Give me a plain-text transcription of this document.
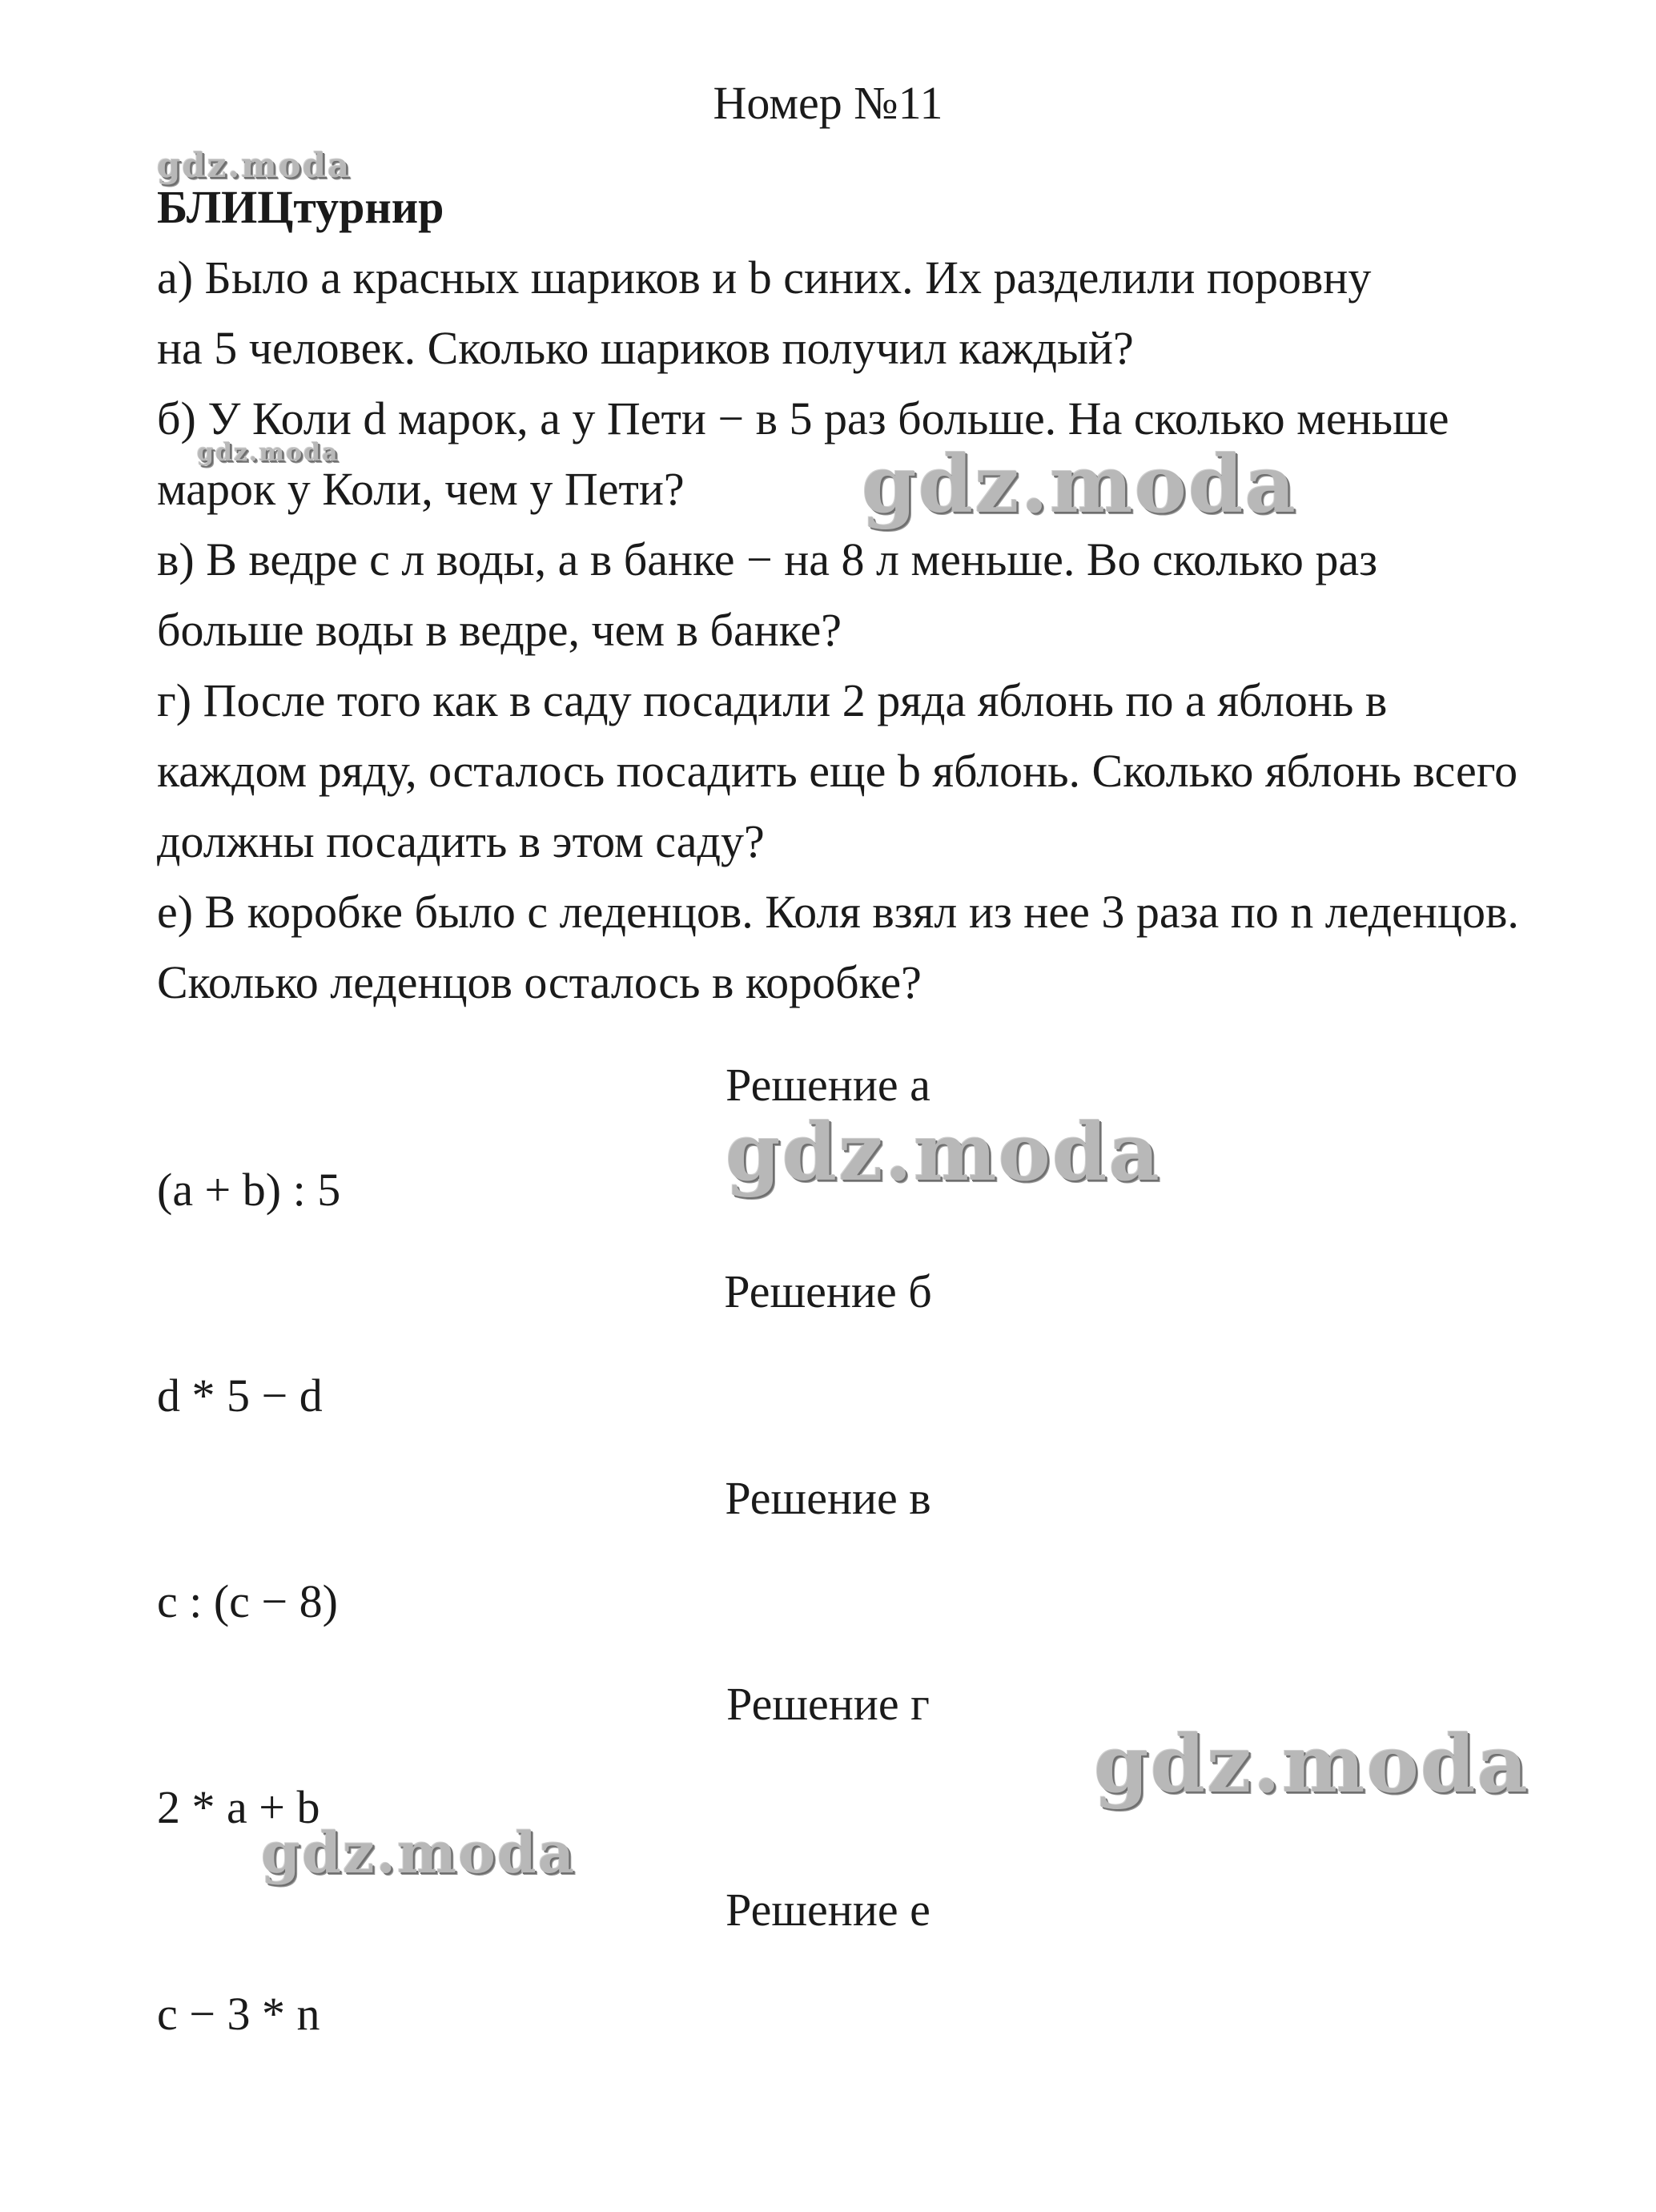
Номер №11
gdz.moda
БЛИЦтурнир
а) Было a красных шариков и b синих. Их разделили поровну
на 5 человек. Сколько шариков получил каждый?
б) У Коли d марок, а у Пети − в 5 раз больше. На сколько меньше
gdz.moda
марок у Коли, чем у Пети?	gdz.moda
в) В ведре с л воды, а в банке − на 8 л меньше. Во сколько раз
больше воды в ведре, чем в банке?
г) После того как в саду посадили 2 ряда яблонь по a яблонь в
каждом ряду, осталось посадить еще b яблонь. Сколько яблонь всего
должны посадить в этом саду?
е) В коробке было с леденцов. Коля взял из нее 3 раза по n леденцов.
Сколько леденцов осталось в коробке?
Решение а
gdz.moda
(a + b) : 5
Решение б
d * 5 − d
Решение в
c : (c − 8)
Решение г
gdz.moda
2 * a + b
gdz.moda
Решение е
c − 3 * n
